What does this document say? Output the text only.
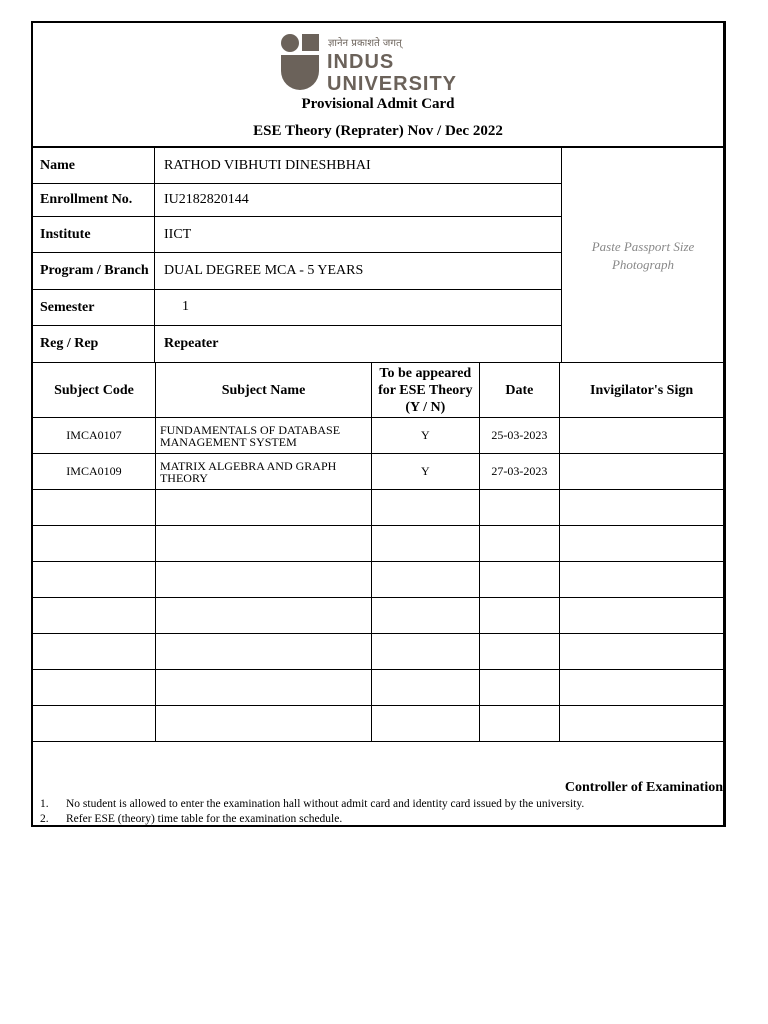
ज्ञानेन प्रकाशते जगत्
INDUS
UNIVERSITY
Provisional Admit Card
ESE Theory (Reprater) Nov / Dec 2022
Name	RATHOD VIBHUTI DINESHBHAI
Enrollment No.	IU2182820144
Institute	IICT
Program / Branch	DUAL DEGREE MCA - 5 YEARS
Semester	1
Reg / Rep	Repeater
Paste Passport Size Photograph
Subject Code	Subject Name	To be appeared for ESE Theory (Y / N)	Date	Invigilator's Sign
IMCA0107	FUNDAMENTALS OF DATABASE MANAGEMENT SYSTEM	Y	25-03-2023	
IMCA0109	MATRIX ALGEBRA AND GRAPH THEORY	Y	27-03-2023	

Controller of Examination
1.	No student is allowed to enter the examination hall without admit card and identity card issued by the university.
2.	Refer ESE (theory) time table for the examination schedule.
